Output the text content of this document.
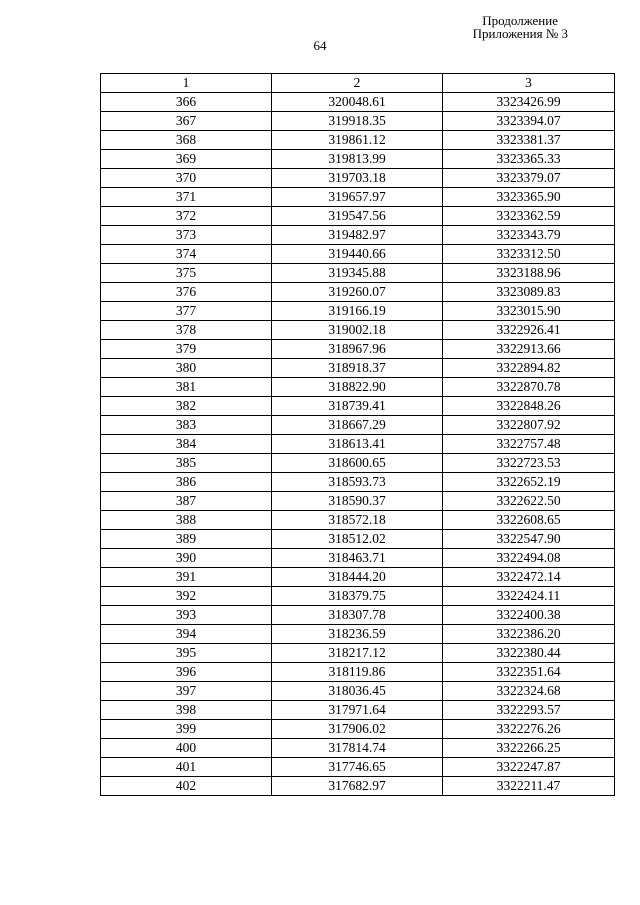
Продолжение
Приложения № 3
64
1	2	3
366	320048.61	3323426.99
367	319918.35	3323394.07
368	319861.12	3323381.37
369	319813.99	3323365.33
370	319703.18	3323379.07
371	319657.97	3323365.90
372	319547.56	3323362.59
373	319482.97	3323343.79
374	319440.66	3323312.50
375	319345.88	3323188.96
376	319260.07	3323089.83
377	319166.19	3323015.90
378	319002.18	3322926.41
379	318967.96	3322913.66
380	318918.37	3322894.82
381	318822.90	3322870.78
382	318739.41	3322848.26
383	318667.29	3322807.92
384	318613.41	3322757.48
385	318600.65	3322723.53
386	318593.73	3322652.19
387	318590.37	3322622.50
388	318572.18	3322608.65
389	318512.02	3322547.90
390	318463.71	3322494.08
391	318444.20	3322472.14
392	318379.75	3322424.11
393	318307.78	3322400.38
394	318236.59	3322386.20
395	318217.12	3322380.44
396	318119.86	3322351.64
397	318036.45	3322324.68
398	317971.64	3322293.57
399	317906.02	3322276.26
400	317814.74	3322266.25
401	317746.65	3322247.87
402	317682.97	3322211.47
